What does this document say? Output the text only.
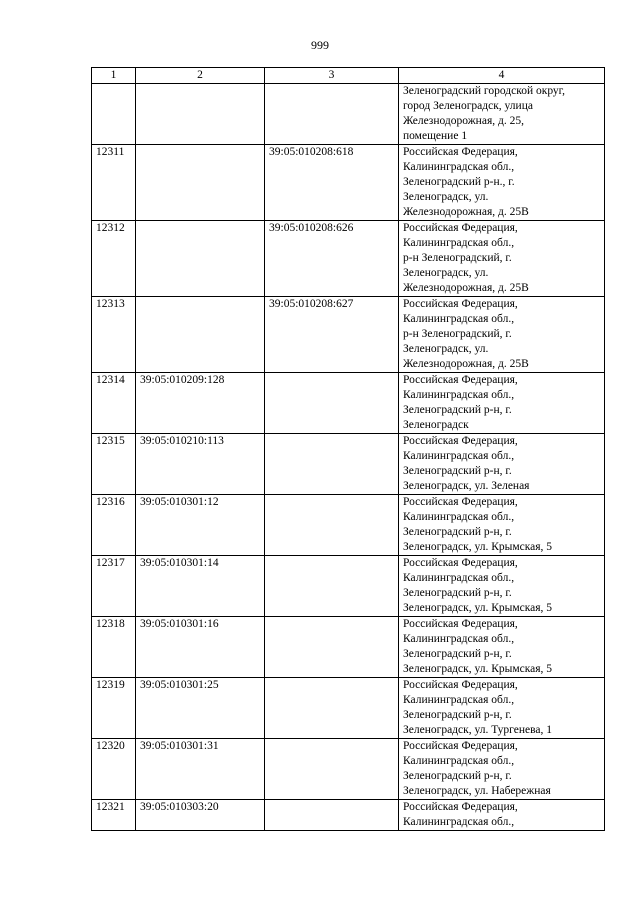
999
1	2	3	4

			Зеленоградский городской округ,
город Зеленоградск, улица
Железнодорожная, д. 25,
помещение 1

12311		39:05:010208:618	Российская Федерация,
Калининградская обл.,
Зеленоградский р-н., г.
Зеленоградск, ул.
Железнодорожная, д. 25В

12312		39:05:010208:626	Российская Федерация,
Калининградская обл.,
р-н Зеленоградский, г.
Зеленоградск, ул.
Железнодорожная, д. 25В

12313		39:05:010208:627	Российская Федерация,
Калининградская обл.,
р-н Зеленоградский, г.
Зеленоградск, ул.
Железнодорожная, д. 25В

12314	39:05:010209:128		Российская Федерация,
Калининградская обл.,
Зеленоградский р-н, г.
Зеленоградск

12315	39:05:010210:113		Российская Федерация,
Калининградская обл.,
Зеленоградский р-н, г.
Зеленоградск, ул. Зеленая

12316	39:05:010301:12		Российская Федерация,
Калининградская обл.,
Зеленоградский р-н, г.
Зеленоградск, ул. Крымская, 5

12317	39:05:010301:14		Российская Федерация,
Калининградская обл.,
Зеленоградский р-н, г.
Зеленоградск, ул. Крымская, 5

12318	39:05:010301:16		Российская Федерация,
Калининградская обл.,
Зеленоградский р-н, г.
Зеленоградск, ул. Крымская, 5

12319	39:05:010301:25		Российская Федерация,
Калининградская обл.,
Зеленоградский р-н, г.
Зеленоградск, ул. Тургенева, 1

12320	39:05:010301:31		Российская Федерация,
Калининградская обл.,
Зеленоградский р-н, г.
Зеленоградск, ул. Набережная

12321	39:05:010303:20		Российская Федерация,
Калининградская обл.,
